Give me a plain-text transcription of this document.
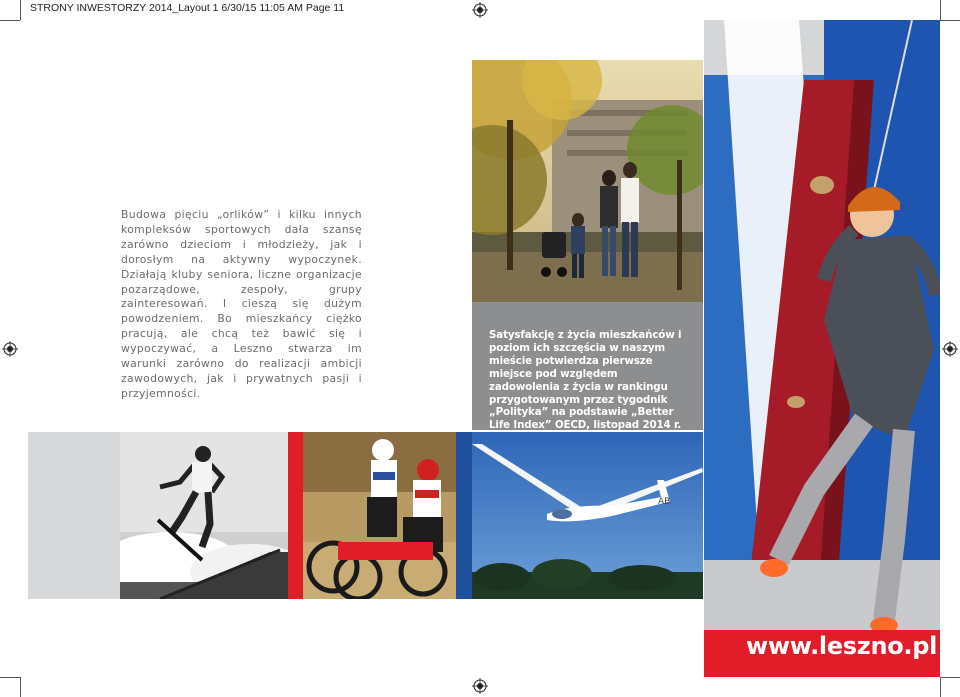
STRONY INWESTORZY 2014_Layout 1 6/30/15 11:05 AM Page 11

Budowa pięciu „orlików” i kilku innych kompleksów sportowych dała szansę zarówno dzieciom i młodzieży, jak i dorosłym na aktywny wypoczynek. Działają kluby seniora, liczne organizacje pozarządowe, zespoły, grupy zainteresowań. I cieszą się dużym powodzeniem. Bo mieszkańcy ciężko pracują, ale chcą też bawić się i wypoczywać, a Leszno stwarza im warunki zarówno do realizacji ambicji zawodowych, jak i prywatnych pasji i przyjemności.

Satysfakcję z życia mieszkańców i poziom ich szczęścia w naszym mieście potwierdza pierwsze miejsce pod względem zadowolenia z życia w rankingu przygotowanym przez tygodnik „Polityka” na podstawie „Better Life Index” OECD, listopad 2014 r.

www.leszno.pl
AB
